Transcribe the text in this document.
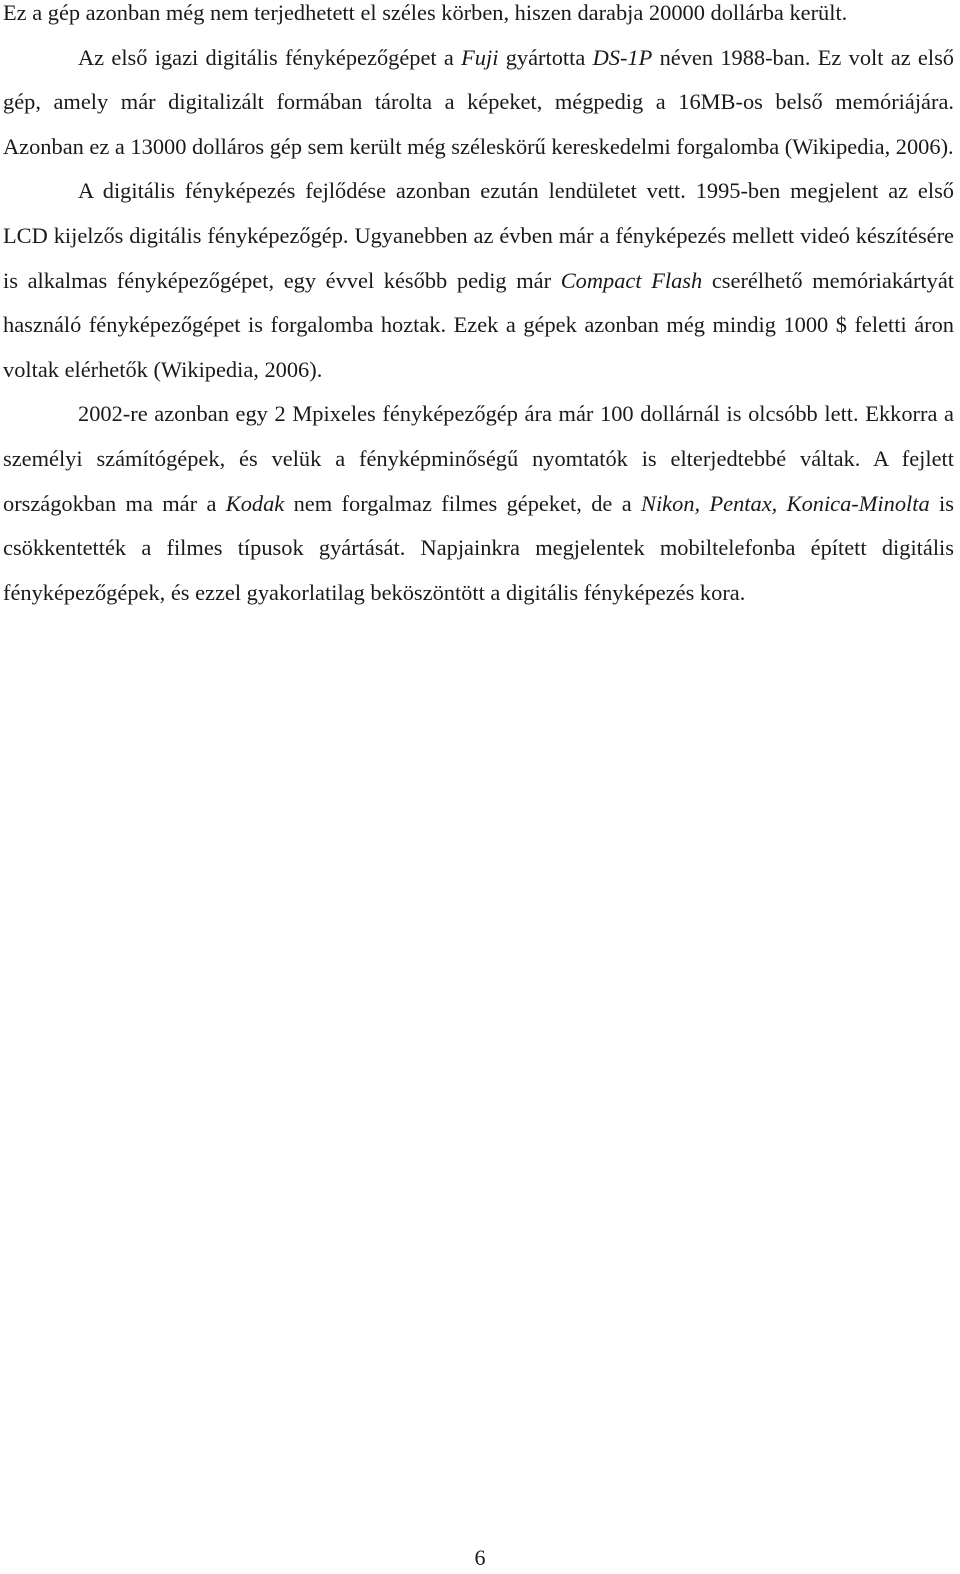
Ez a gép azonban még nem terjedhetett el széles körben, hiszen darabja 20000 dollárba került.

Az első igazi digitális fényképezőgépet a Fuji gyártotta DS-1P néven 1988-ban. Ez volt az első gép, amely már digitalizált formában tárolta a képeket, mégpedig a 16MB-os belső memóriájára. Azonban ez a 13000 dolláros gép sem került még széleskörű kereskedelmi forgalomba (Wikipedia, 2006).

A digitális fényképezés fejlődése azonban ezután lendületet vett. 1995-ben megjelent az első LCD kijelzős digitális fényképezőgép. Ugyanebben az évben már a fényképezés mellett videó készítésére is alkalmas fényképezőgépet, egy évvel később pedig már Compact Flash cserélhető memóriakártyát használó fényképezőgépet is forgalomba hoztak. Ezek a gépek azonban még mindig 1000 $ feletti áron voltak elérhetők (Wikipedia, 2006).

2002-re azonban egy 2 Mpixeles fényképezőgép ára már 100 dollárnál is olcsóbb lett. Ekkorra a személyi számítógépek, és velük a fényképminőségű nyomtatók is elterjedtebbé váltak. A fejlett országokban ma már a Kodak nem forgalmaz filmes gépeket, de a Nikon, Pentax, Konica-Minolta is csökkentették a filmes típusok gyártását. Napjainkra megjelentek mobiltelefonba épített digitális fényképezőgépek, és ezzel gyakorlatilag beköszöntött a digitális fényképezés kora.

6
